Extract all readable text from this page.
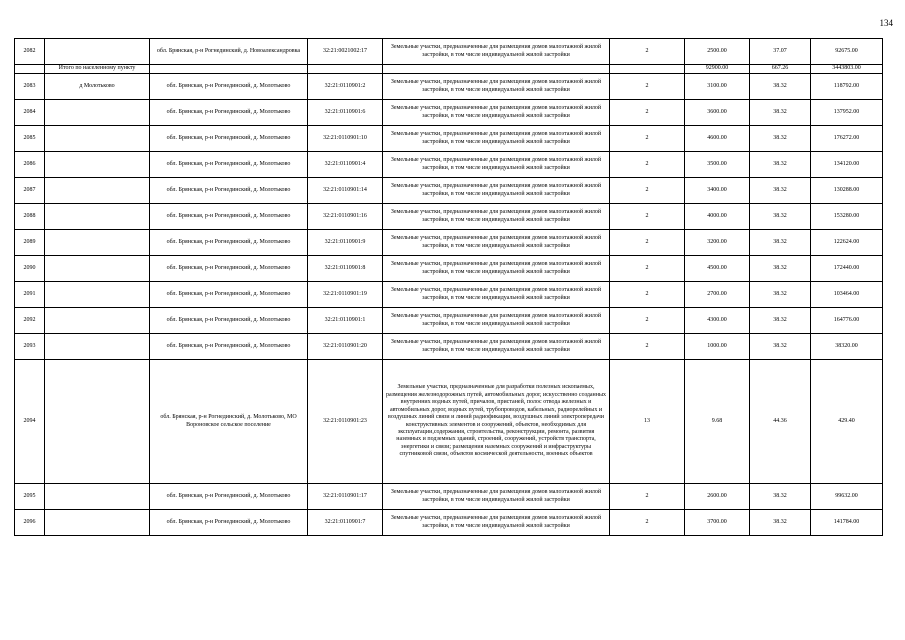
134
2082		обл. Брянская, р-н Рогнединский, д. Новоалександровка	32:21:0021002:17	Земельные участки, предназначенные для размещения домов малоэтажной жилой застройки, в том числе индивидуальной жилой застройки	2	2500.00	37.07	92675.00
	Итого по населенному пункту					92900.00	667.26	3443803.00
2083	д Молотьково	обл. Брянская, р-н Рогнединский, д. Молотьково	32:21:0110901:2	Земельные участки, предназначенные для размещения домов малоэтажной жилой застройки, в том числе индивидуальной жилой застройки	2	3100.00	38.32	118792.00
2084		обл. Брянская, р-н Рогнединский, д. Молотьково	32:21:0110901:6	Земельные участки, предназначенные для размещения домов малоэтажной жилой застройки, в том числе индивидуальной жилой застройки	2	3600.00	38.32	137952.00
2085		обл. Брянская, р-н Рогнединский, д. Молотьково	32:21:0110901:10	Земельные участки, предназначенные для размещения домов малоэтажной жилой застройки, в том числе индивидуальной жилой застройки	2	4600.00	38.32	176272.00
2086		обл. Брянская, р-н Рогнединский, д. Молотьково	32:21:0110901:4	Земельные участки, предназначенные для размещения домов малоэтажной жилой застройки, в том числе индивидуальной жилой застройки	2	3500.00	38.32	134120.00
2087		обл. Брянская, р-н Рогнединский, д. Молотьково	32:21:0110901:14	Земельные участки, предназначенные для размещения домов малоэтажной жилой застройки, в том числе индивидуальной жилой застройки	2	3400.00	38.32	130288.00
2088		обл. Брянская, р-н Рогнединский, д. Молотьково	32:21:0110901:16	Земельные участки, предназначенные для размещения домов малоэтажной жилой застройки, в том числе индивидуальной жилой застройки	2	4000.00	38.32	153280.00
2089		обл. Брянская, р-н Рогнединский, д. Молотьково	32:21:0110901:9	Земельные участки, предназначенные для размещения домов малоэтажной жилой застройки, в том числе индивидуальной жилой застройки	2	3200.00	38.32	122624.00
2090		обл. Брянская, р-н Рогнединский, д. Молотьково	32:21:0110901:8	Земельные участки, предназначенные для размещения домов малоэтажной жилой застройки, в том числе индивидуальной жилой застройки	2	4500.00	38.32	172440.00
2091		обл. Брянская, р-н Рогнединский, д. Молотьково	32:21:0110901:19	Земельные участки, предназначенные для размещения домов малоэтажной жилой застройки, в том числе индивидуальной жилой застройки	2	2700.00	38.32	103464.00
2092		обл. Брянская, р-н Рогнединский, д. Молотьково	32:21:0110901:1	Земельные участки, предназначенные для размещения домов малоэтажной жилой застройки, в том числе индивидуальной жилой застройки	2	4300.00	38.32	164776.00
2093		обл. Брянская, р-н Рогнединский, д. Молотьково	32:21:0110901:20	Земельные участки, предназначенные для размещения домов малоэтажной жилой застройки, в том числе индивидуальной жилой застройки	2	1000.00	38.32	38320.00
2094		обл. Брянская, р-н Рогнединский, д. Молотьково, МО Вороновское сельское поселение	32:21:0110901:23	Земельные участки, предназначенные для разработки полезных ископаемых, размещения железнодорожных путей, автомобильных дорог, искусственно созданных внутренних водных путей, причалов, пристаней, полос отвода железных и автомобильных дорог, водных путей, трубопроводов, кабельных, радиорелейных и воздушных линий связи и линий радиофикации, воздушных линий электропередачи конструктивных элементов и сооружений, объектов, необходимых для эксплуатации,содержания, строительства, реконструкции, ремонта, развития наземных и подземных зданий, строений, сооружений, устройств транспорта, энергетики и связи; размещения наземных сооружений и инфраструктуры спутниковой связи, объектов космической деятельности, военных объектов	13	9.68	44.36	429.40
2095		обл. Брянская, р-н Рогнединский, д. Молотьково	32:21:0110901:17	Земельные участки, предназначенные для размещения домов малоэтажной жилой застройки, в том числе индивидуальной жилой застройки	2	2600.00	38.32	99632.00
2096		обл. Брянская, р-н Рогнединский, д. Молотьково	32:21:0110901:7	Земельные участки, предназначенные для размещения домов малоэтажной жилой застройки, в том числе индивидуальной жилой застройки	2	3700.00	38.32	141784.00
